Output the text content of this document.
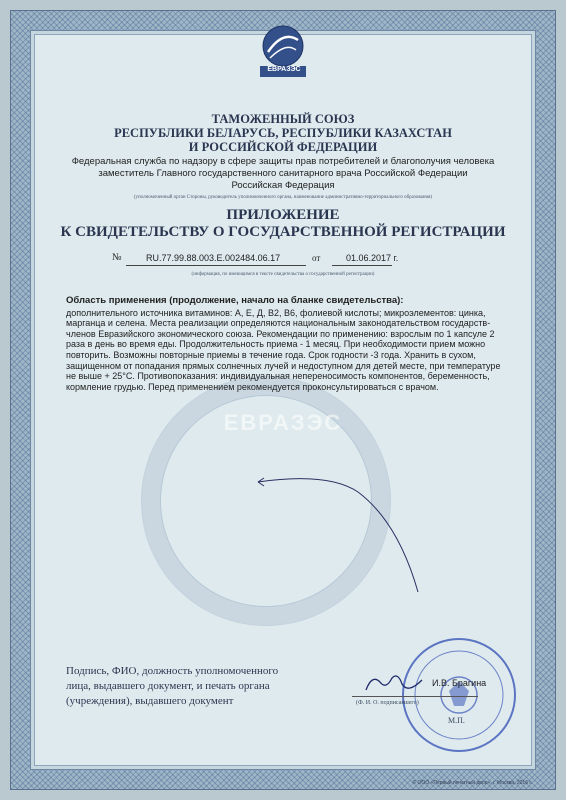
ЕВРАЗЭС
ЕВРАЗЭС
ТАМОЖЕННЫЙ СОЮЗ
РЕСПУБЛИКИ БЕЛАРУСЬ, РЕСПУБЛИКИ КАЗАХСТАН
И РОССИЙСКОЙ ФЕДЕРАЦИИ
Федеральная служба по надзору в сфере защиты прав потребителей и благополучия человека
заместитель Главного государственного санитарного врача Российской Федерации
Российская Федерация
(уполномоченный орган Стороны, руководитель уполномоченного органа, наименование административно-территориального образования)
ПРИЛОЖЕНИЕ
К СВИДЕТЕЛЬСТВУ О ГОСУДАРСТВЕННОЙ РЕГИСТРАЦИИ
№	RU.77.99.88.003.Е.002484.06.17	от	01.06.2017 г.
(информация, по имеющимся в тексте свидетельства о государственной регистрации)
Область применения (продолжение, начало на бланке свидетельства):
дополнительного источника витаминов: А, Е, Д, В2, В6, фолиевой кислоты; микроэлементов: цинка, марганца и селена. Места реализации определяются национальным законодательством государств-членов Евразийского экономического союза. Рекомендации по применению: взрослым по 1 капсуле 2 раза в день во время еды. Продолжительность приема - 1 месяц. При необходимости прием можно повторить. Возможны повторные приемы в течение года. Срок годности -3 года. Хранить в сухом, защищенном от попадания прямых солнечных лучей и недоступном для детей месте, при температуре не выше + 25°С. Противопоказания: индивидуальная непереносимость компонентов, беременность, кормление грудью. Перед применением рекомендуется проконсультироваться с врачом.
Подпись, ФИО, должность уполномоченного лица, выдавшего документ, и печать органа (учреждения), выдавшего документ
И.В. Брагина
(Ф. И. О. подписавшего)
М.П.
© ООО «Первый печатный двор», г. Москва, 2016 г.
